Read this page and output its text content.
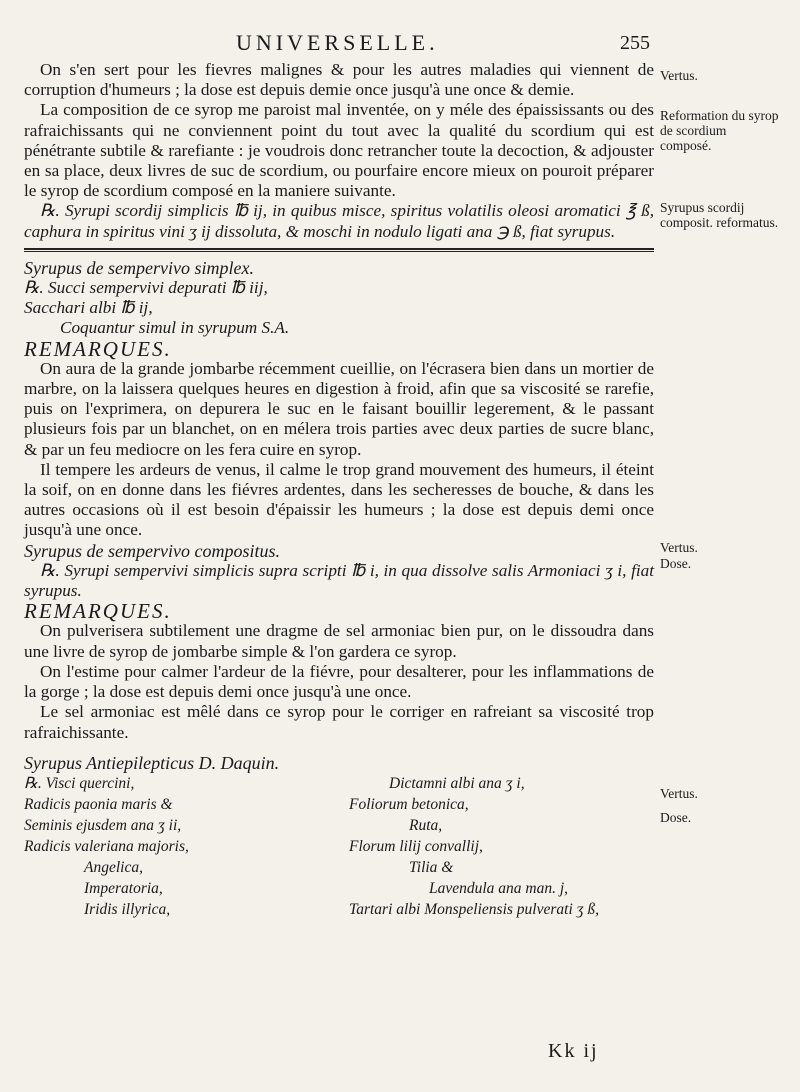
UNIVERSELLE.	255
Vertus.
Reformation du syrop de scordium composé.
Syrupus scordij composit. reformatus.
Vertus.
Dose.
Vertus.
Dose.

On s'en sert pour les fievres malignes & pour les autres maladies qui viennent de corruption d'humeurs ; la dose est depuis demie once jusqu'à une once & demie.

La composition de ce syrop me paroist mal inventée, on y méle des épaississants ou des rafraichissants qui ne conviennent point du tout avec la qualité du scordium qui est pénétrante subtile & rarefiante : je voudrois donc retrancher toute la decoction, & adjouster en sa place, deux livres de suc de scordium, ou pourfaire encore mieux on pouroit préparer le syrop de scordium composé en la maniere suivante.

℞. Syrupi scordij simplicis ℔ ij, in quibus misce, spiritus volatilis oleosi aromatici ℥ ß, caphura in spiritus vini ʒ ij dissoluta, & moschi in nodulo ligati ana ℈ ß, fiat syrupus.

Syrupus de sempervivo simplex.

℞. Succi sempervivi depurati ℔ iij,

Sacchari albi ℔ ij,

Coquantur simul in syrupum S.A.

REMARQUES.

On aura de la grande jombarbe récemment cueillie, on l'écrasera bien dans un mortier de marbre, on la laissera quelques heures en digestion à froid, afin que sa viscosité se rarefie, puis on l'exprimera, on depurera le suc en le faisant bouillir legerement, & le passant plusieurs fois par un blanchet, on en mélera trois parties avec deux parties de sucre blanc, & par un feu mediocre on les fera cuire en syrop.

Il tempere les ardeurs de venus, il calme le trop grand mouvement des humeurs, il éteint la soif, on en donne dans les fiévres ardentes, dans les secheresses de bouche, & dans les autres occasions où il est besoin d'épaissir les humeurs ; la dose est depuis demi once jusqu'à une once.

Syrupus de sempervivo compositus.

℞. Syrupi sempervivi simplicis supra scripti ℔ i, in qua dissolve salis Armoniaci ʒ i, fiat syrupus.

REMARQUES.

On pulverisera subtilement une dragme de sel armoniac bien pur, on le dissoudra dans une livre de syrop de jombarbe simple & l'on gardera ce syrop.

On l'estime pour calmer l'ardeur de la fiévre, pour desalterer, pour les inflammations de la gorge ; la dose est depuis demi once jusqu'à une once.

Le sel armoniac est mêlé dans ce syrop pour le corriger en rafreiant sa viscosité trop rafraichissante.

Syrupus Antiepilepticus D. Daquin.

℞. Visci quercini,
Radicis paonia maris &
Seminis ejusdem ana ʒ ii,
Radicis valeriana majoris,
Angelica,
Imperatoria,
Iridis illyrica,
Dictamni albi ana ʒ i,
Foliorum betonica,
Ruta,
Florum lilij convallij,
Tilia &
Lavendula ana man. j,
Tartari albi Monspeliensis pulverati ʒ ß,
Kk ij
